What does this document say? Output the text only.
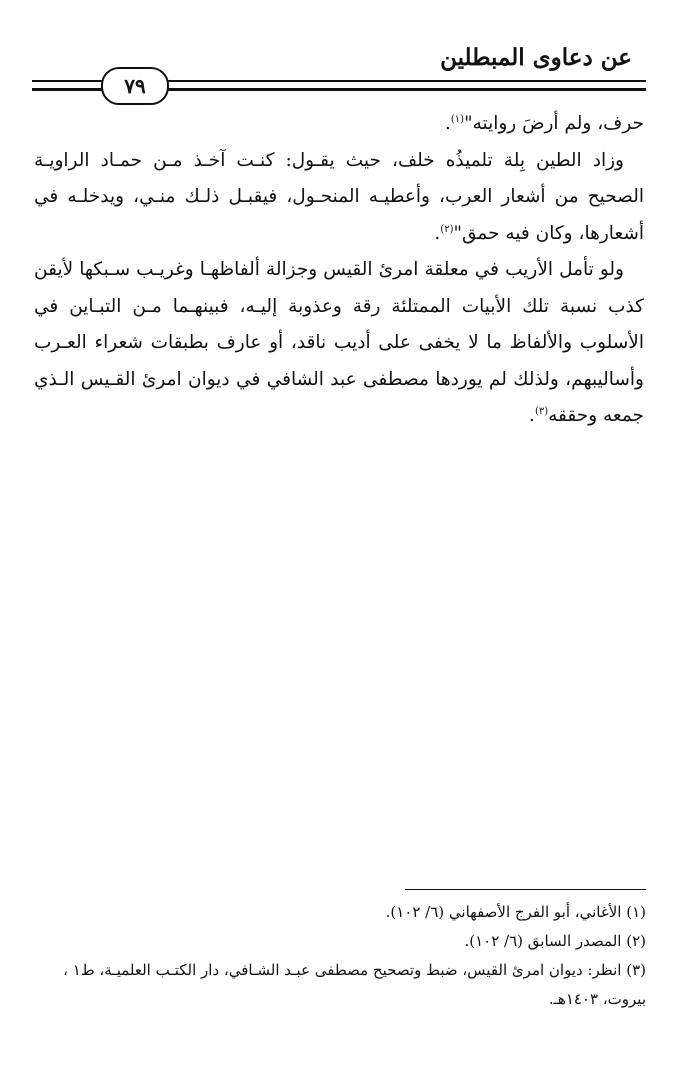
عن دعاوى المبطلين
٧٩

حرف، ولم أرضَ روايته"$^{(١)}$.

وزاد الطين بِلة تلميذُه خلف، حيث يقـول: كنـت آخـذ مـن حمـاد الراويـة الصحيح من أشعار العرب، وأعطيـه المنحـول، فيقبـل ذلـك منـي، ويدخلـه في أشعارها، وكان فيه حمق"$^{(٢)}$.

ولو تأمل الأريب في معلقة امرئ القيس وجزالة ألفاظهـا وغريـب سـبكها لأيقن كذب نسبة تلك الأبيات الممتلئة رقة وعذوبة إليـه، فبينهـما مـن التبـاين في الأسلوب والألفاظ ما لا يخفى على أديب ناقد، أو عارف بطبقات شعراء العـرب وأساليبهم، ولذلك لم يوردها مصطفى عبد الشافي في ديوان امرئ القـيس الـذي جمعه وحققه$^{(٣)}$.

(١) الأغاني، أبو الفرج الأصفهاني (٦/ ١٠٢).

(٢) المصدر السابق (٦/ ١٠٢).

(٣) انظر: ديوان امرئ القيس، ضبط وتصحيح مصطفى عبـد الشـافي، دار الكتـب العلميـة، ط١ ، بيروت، ١٤٠٣هـ.
